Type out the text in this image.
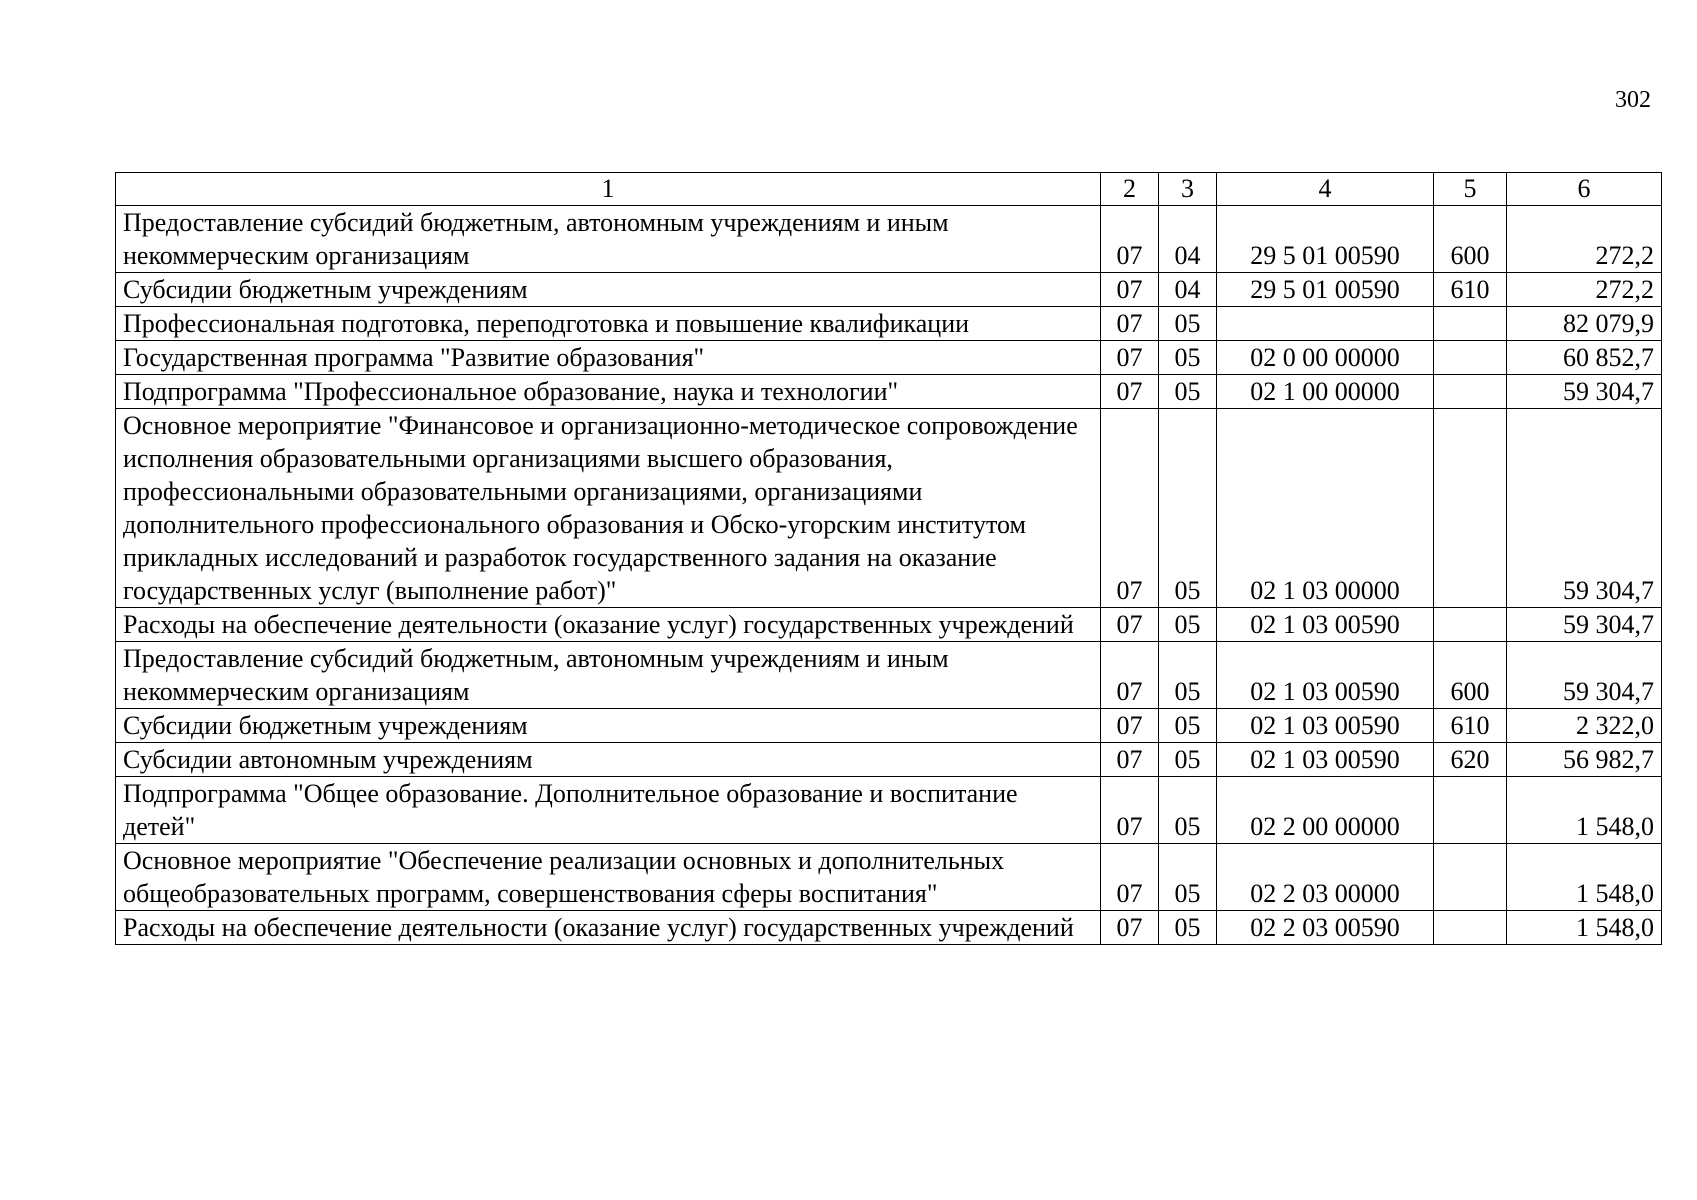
302
1	2	3	4	5	6
Предоставление субсидий бюджетным, автономным учреждениям и иным некоммерческим организациям	07	04	29 5 01 00590	600	272,2
Субсидии бюджетным учреждениям	07	04	29 5 01 00590	610	272,2
Профессиональная подготовка, переподготовка и повышение квалификации	07	05			82 079,9
Государственная программа "Развитие образования"	07	05	02 0 00 00000		60 852,7
Подпрограмма "Профессиональное образование, наука и технологии"	07	05	02 1 00 00000		59 304,7
Основное мероприятие "Финансовое и организационно-методическое сопровождение исполнения образовательными организациями высшего образования, профессиональными образовательными организациями, организациями дополнительного профессионального образования и Обско-угорским институтом прикладных исследований и разработок государственного задания на оказание государственных услуг (выполнение работ)"	07	05	02 1 03 00000		59 304,7
Расходы на обеспечение деятельности (оказание услуг) государственных учреждений	07	05	02 1 03 00590		59 304,7
Предоставление субсидий бюджетным, автономным учреждениям и иным некоммерческим организациям	07	05	02 1 03 00590	600	59 304,7
Субсидии бюджетным учреждениям	07	05	02 1 03 00590	610	2 322,0
Субсидии автономным учреждениям	07	05	02 1 03 00590	620	56 982,7
Подпрограмма "Общее образование. Дополнительное образование и воспитание детей"	07	05	02 2 00 00000		1 548,0
Основное мероприятие "Обеспечение реализации основных и дополнительных общеобразовательных программ, совершенствования сферы воспитания"	07	05	02 2 03 00000		1 548,0
Расходы на обеспечение деятельности (оказание услуг) государственных учреждений	07	05	02 2 03 00590		1 548,0
